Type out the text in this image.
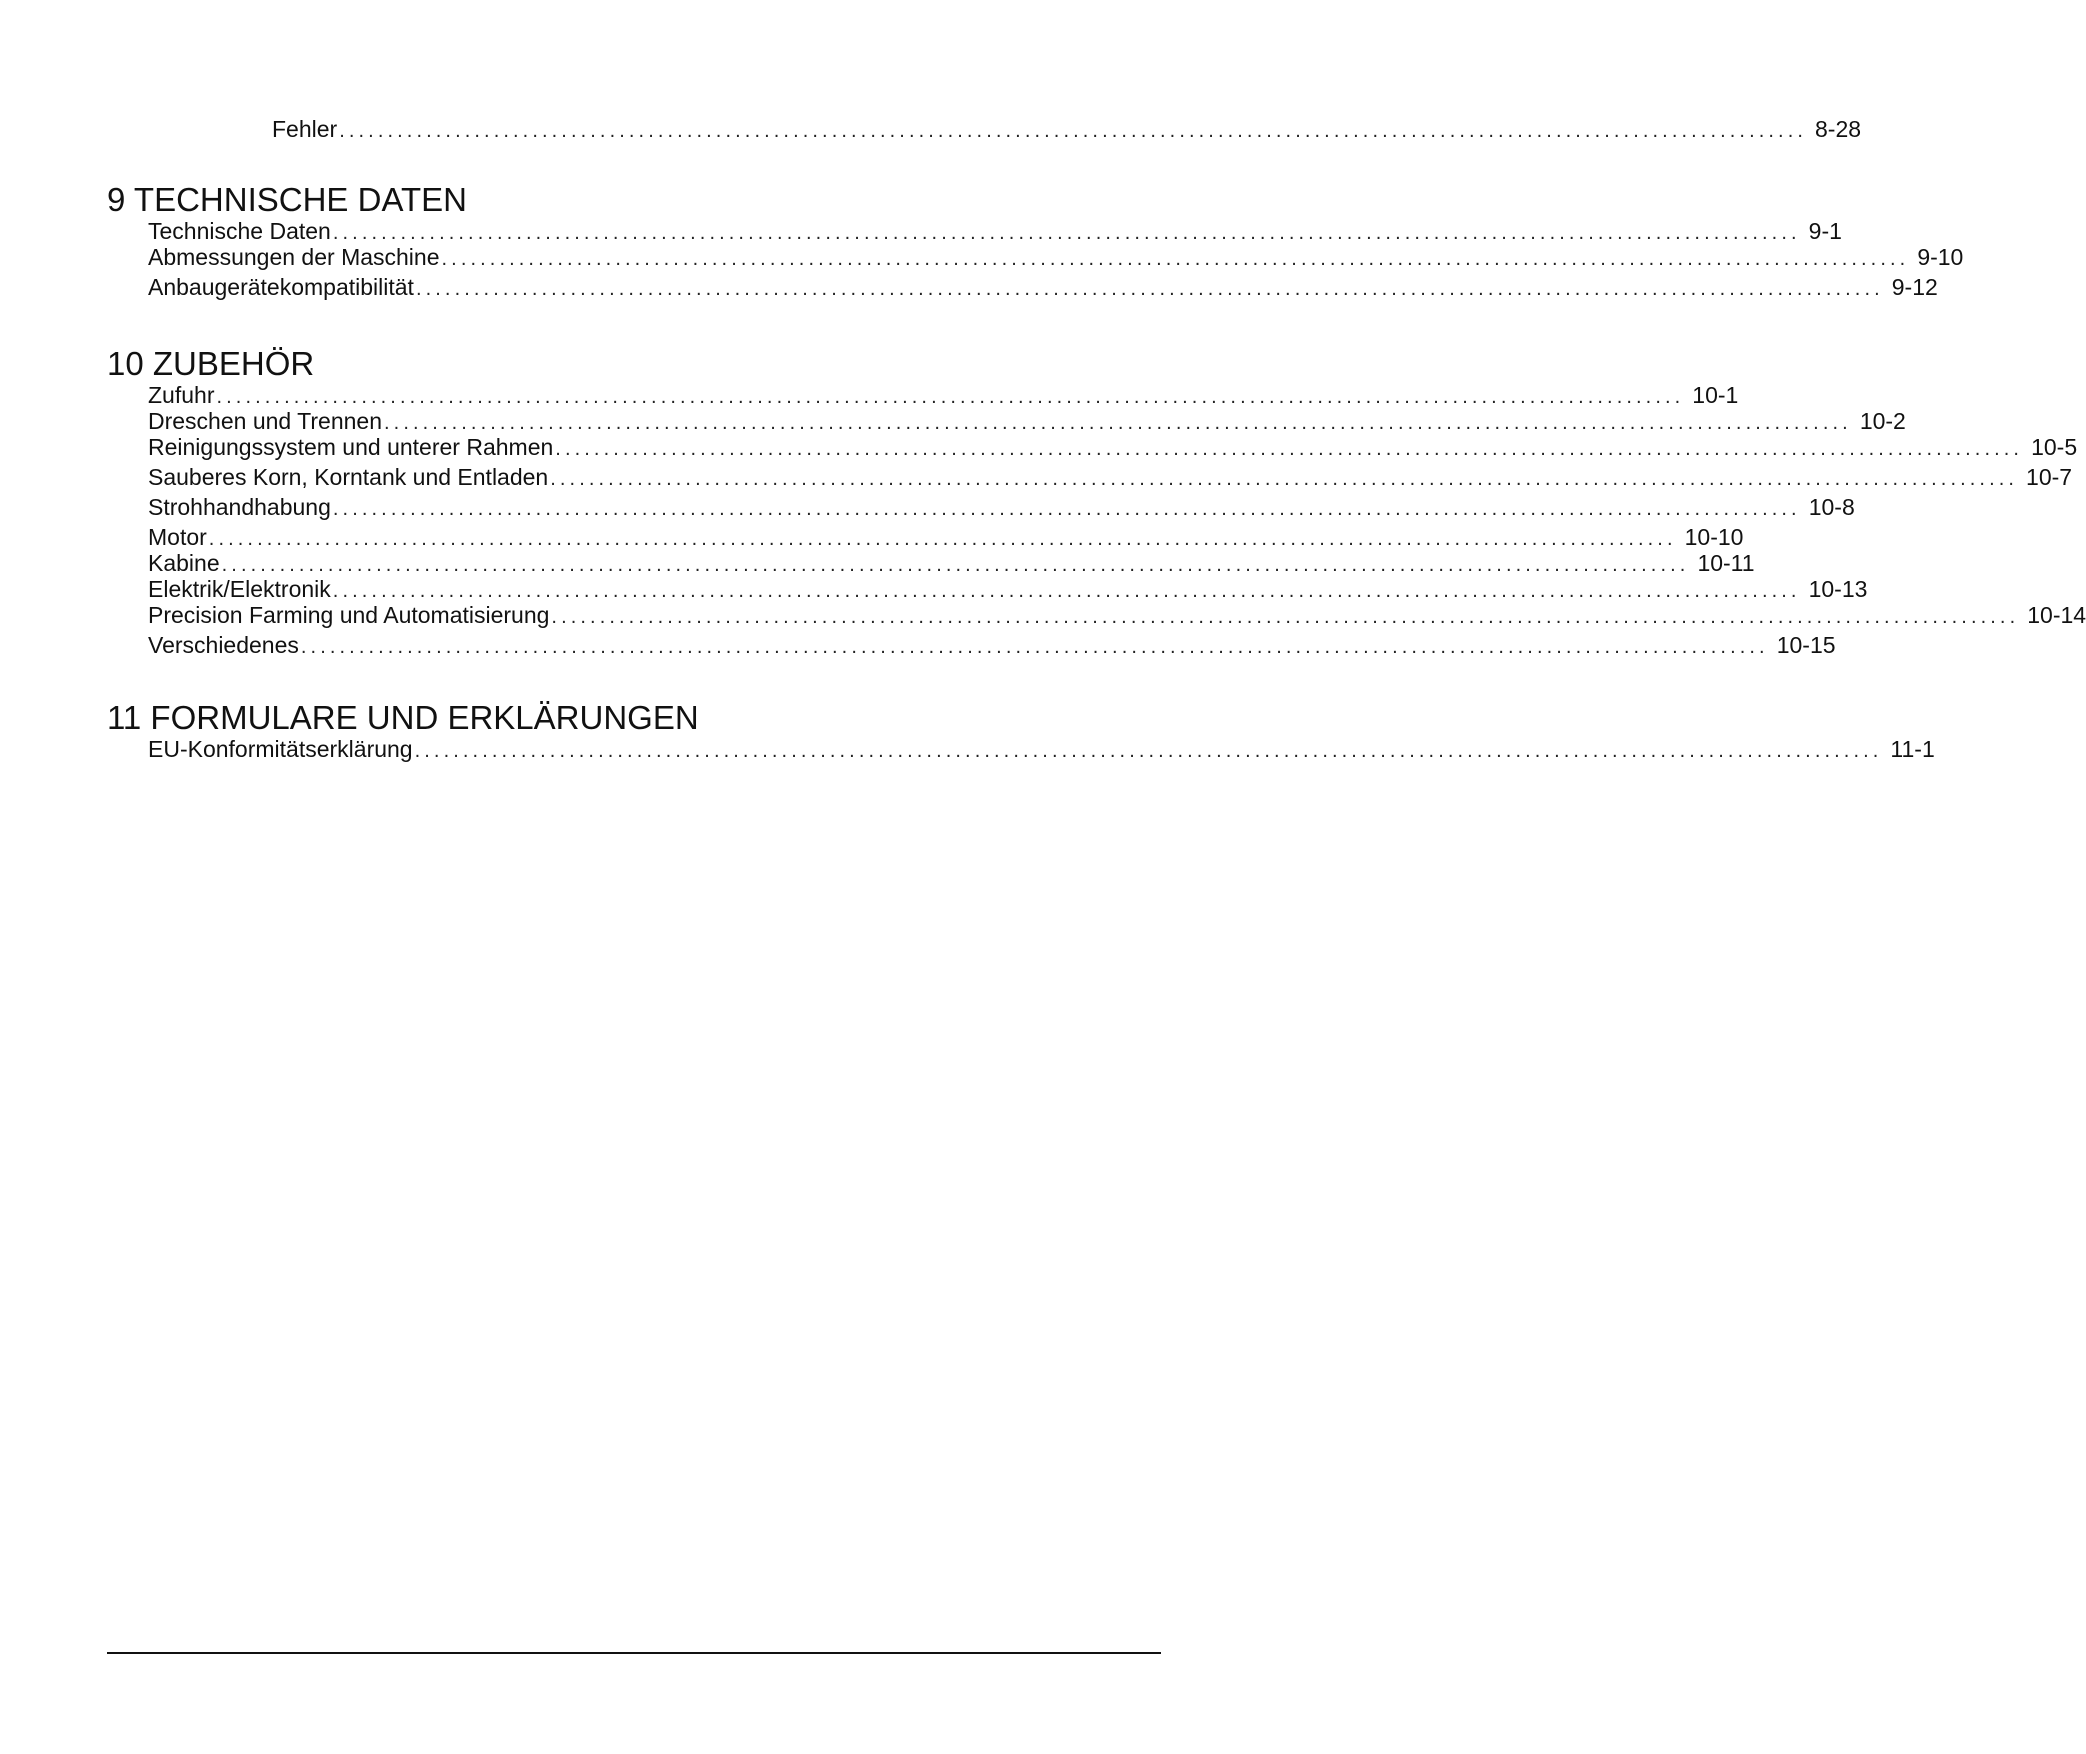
Fehler ........................................................................................................................................................ 8-28
9 TECHNISCHE DATEN
Technische Daten ........................................................................................................................................................ 9-1
Abmessungen der Maschine ........................................................................................................................................................ 9-10
Anbaugerätekompatibilität ........................................................................................................................................................ 9-12
10 ZUBEHÖR
Zufuhr ........................................................................................................................................................ 10-1
Dreschen und Trennen ........................................................................................................................................................ 10-2
Reinigungssystem und unterer Rahmen ........................................................................................................................................................ 10-5
Sauberes Korn, Korntank und Entladen ........................................................................................................................................................ 10-7
Strohhandhabung ........................................................................................................................................................ 10-8
Motor ........................................................................................................................................................ 10-10
Kabine ........................................................................................................................................................ 10-11
Elektrik/Elektronik ........................................................................................................................................................ 10-13
Precision Farming und Automatisierung ........................................................................................................................................................ 10-14
Verschiedenes ........................................................................................................................................................ 10-15
11 FORMULARE UND ERKLÄRUNGEN
EU-Konformitätserklärung ........................................................................................................................................................ 11-1
